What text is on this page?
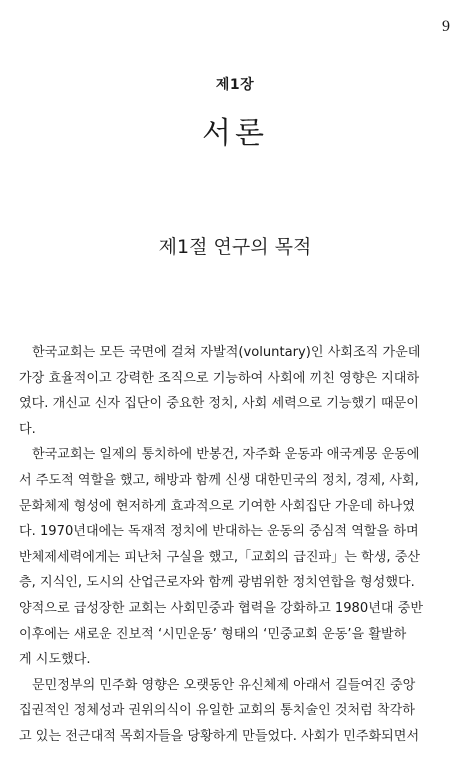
9
제1장
서론
제1절 연구의 목적

한국교회는 모든 국면에 걸쳐 자발적(voluntary)인 사회조직 가운데
가장 효율적이고 강력한 조직으로 기능하여 사회에 끼친 영향은 지대하
였다. 개신교 신자 집단이 중요한 정치, 사회 세력으로 기능했기 때문이
다.

한국교회는 일제의 통치하에 반봉건, 자주화 운동과 애국계몽 운동에
서 주도적 역할을 했고, 해방과 함께 신생 대한민국의 정치, 경제, 사회,
문화체제 형성에 현저하게 효과적으로 기여한 사회집단 가운데 하나였
다. 1970년대에는 독재적 정치에 반대하는 운동의 중심적 역할을 하며
반체제세력에게는 피난처 구실을 했고,「교회의 급진파」는 학생, 중산
층, 지식인, 도시의 산업근로자와 함께 광범위한 정치연합을 형성했다.
양적으로 급성장한 교회는 사회민중과 협력을 강화하고 1980년대 중반
이후에는 새로운 진보적 ‘시민운동’ 형태의 ‘민중교회 운동’을 활발하
게 시도했다.

문민정부의 민주화 영향은 오랫동안 유신체제 아래서 길들여진 중앙
집권적인 정체성과 권위의식이 유일한 교회의 통치술인 것처럼 착각하
고 있는 전근대적 목회자들을 당황하게 만들었다. 사회가 민주화되면서
